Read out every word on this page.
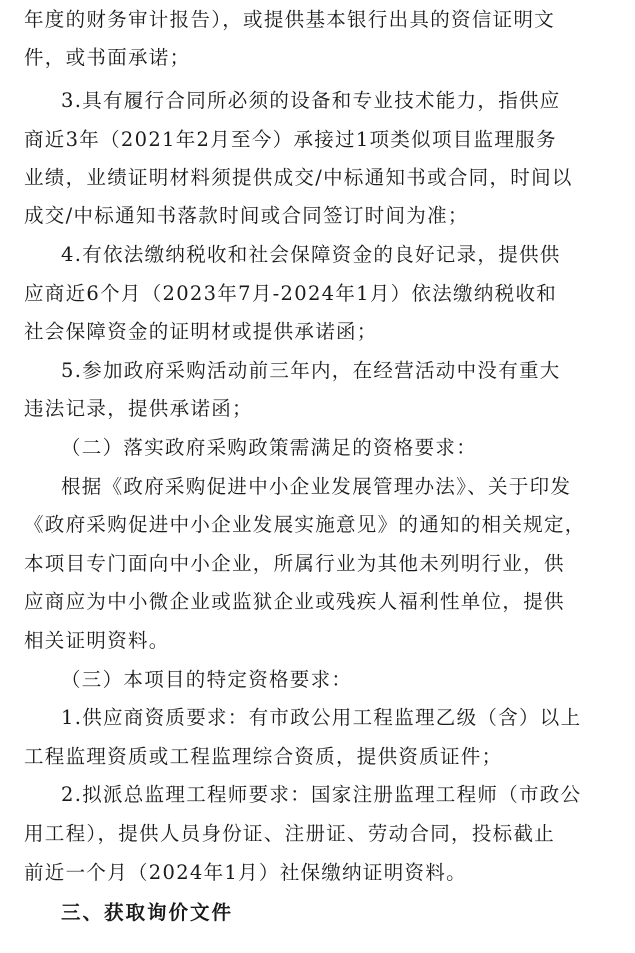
年度的财务审计报告），或提供基本银行出具的资信证明文
件，或书面承诺；
3.具有履行合同所必须的设备和专业技术能力，指供应
商近3年（2021年2月至今）承接过1项类似项目监理服务
业绩，业绩证明材料须提供成交/中标通知书或合同，时间以
成交/中标通知书落款时间或合同签订时间为准；
4.有依法缴纳税收和社会保障资金的良好记录，提供供
应商近6个月（2023年7月-2024年1月）依法缴纳税收和
社会保障资金的证明材或提供承诺函；
5.参加政府采购活动前三年内，在经营活动中没有重大
违法记录，提供承诺函；
（二）落实政府采购政策需满足的资格要求：
根据《政府采购促进中小企业发展管理办法》、关于印发
《政府采购促进中小企业发展实施意见》的通知的相关规定，
本项目专门面向中小企业，所属行业为其他未列明行业，供
应商应为中小微企业或监狱企业或残疾人福利性单位，提供
相关证明资料。
（三）本项目的特定资格要求：
1.供应商资质要求：有市政公用工程监理乙级（含）以上
工程监理资质或工程监理综合资质，提供资质证件；
2.拟派总监理工程师要求：国家注册监理工程师（市政公
用工程），提供人员身份证、注册证、劳动合同，投标截止
前近一个月（2024年1月）社保缴纳证明资料。
三、获取询价文件
